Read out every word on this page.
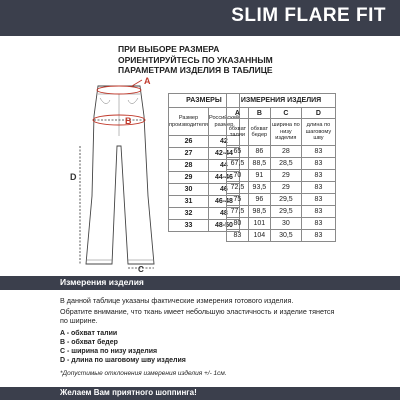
SLIM FLARE FIT
ПРИ ВЫБОРЕ РАЗМЕРА
ОРИЕНТИРУЙТЕСЬ ПО УКАЗАННЫМ
ПАРАМЕТРАМ ИЗДЕЛИЯ В ТАБЛИЦЕ
A
B
C
D
РАЗМЕРЫ	
Размер производителя	Российский размер
26	42
27	42-44
28	44
29	44-46
30	46
31	46-48
32	48
33	48-50
ИЗМЕРЕНИЯ ИЗДЕЛИЯ			
A	B	C	D
обхват талии	обхват бедер	ширина по низу изделия	длина по шаговому шву
65	86	28	83
67,5	88,5	28,5	83
70	91	29	83
72,5	93,5	29	83
75	96	29,5	83
77,5	98,5	29,5	83
80	101	30	83
83	104	30,5	83
Измерения изделия
В данной таблице указаны фактические измерения готового изделия.
Обратите внимание, что ткань имеет небольшую эластичность и изделие тянется
по ширине.
A - обхват талии
B - обхват бедер
C - ширина по низу изделия
D - длина по шаговому шву изделия
*Допустимые отклонения измерения изделия +/- 1см.
Желаем Вам приятного шоппинга!
